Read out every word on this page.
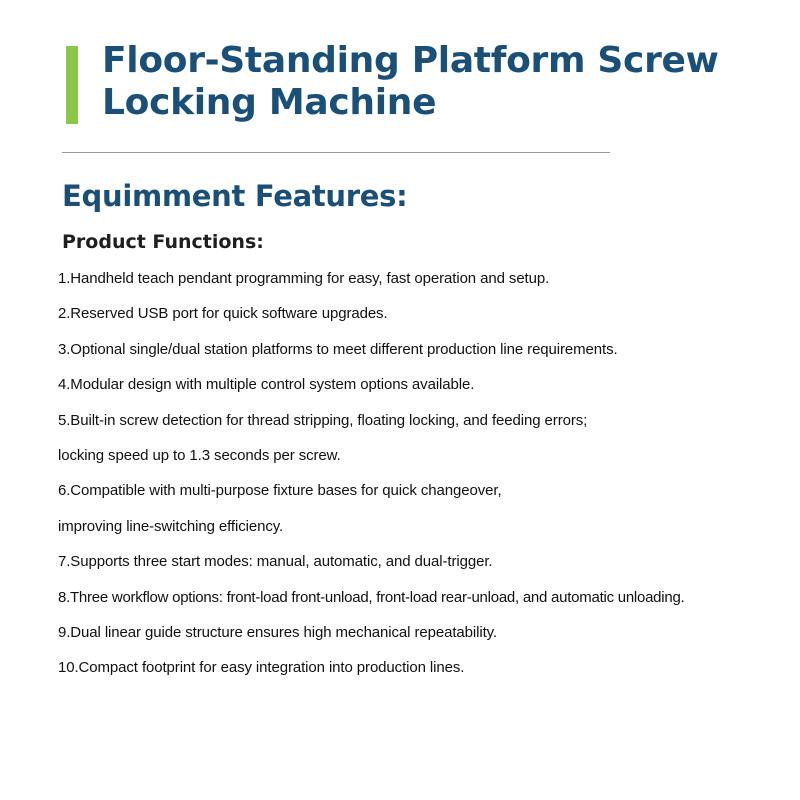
Floor-Standing Platform Screw Locking Machine
Equimment Features:
Product Functions:
1.Handheld teach pendant programming for easy, fast operation and setup.
2.Reserved USB port for quick software upgrades.
3.Optional single/dual station platforms to meet different production line requirements.
4.Modular design with multiple control system options available.
5.Built-in screw detection for thread stripping, floating locking, and feeding errors;
locking speed up to 1.3 seconds per screw.
6.Compatible with multi-purpose fixture bases for quick changeover,
improving line-switching efficiency.
7.Supports three start modes: manual, automatic, and dual-trigger.
8.Three workflow options: front-load front-unload, front-load rear-unload, and automatic unloading.
9.Dual linear guide structure ensures high mechanical repeatability.
10.Compact footprint for easy integration into production lines.
